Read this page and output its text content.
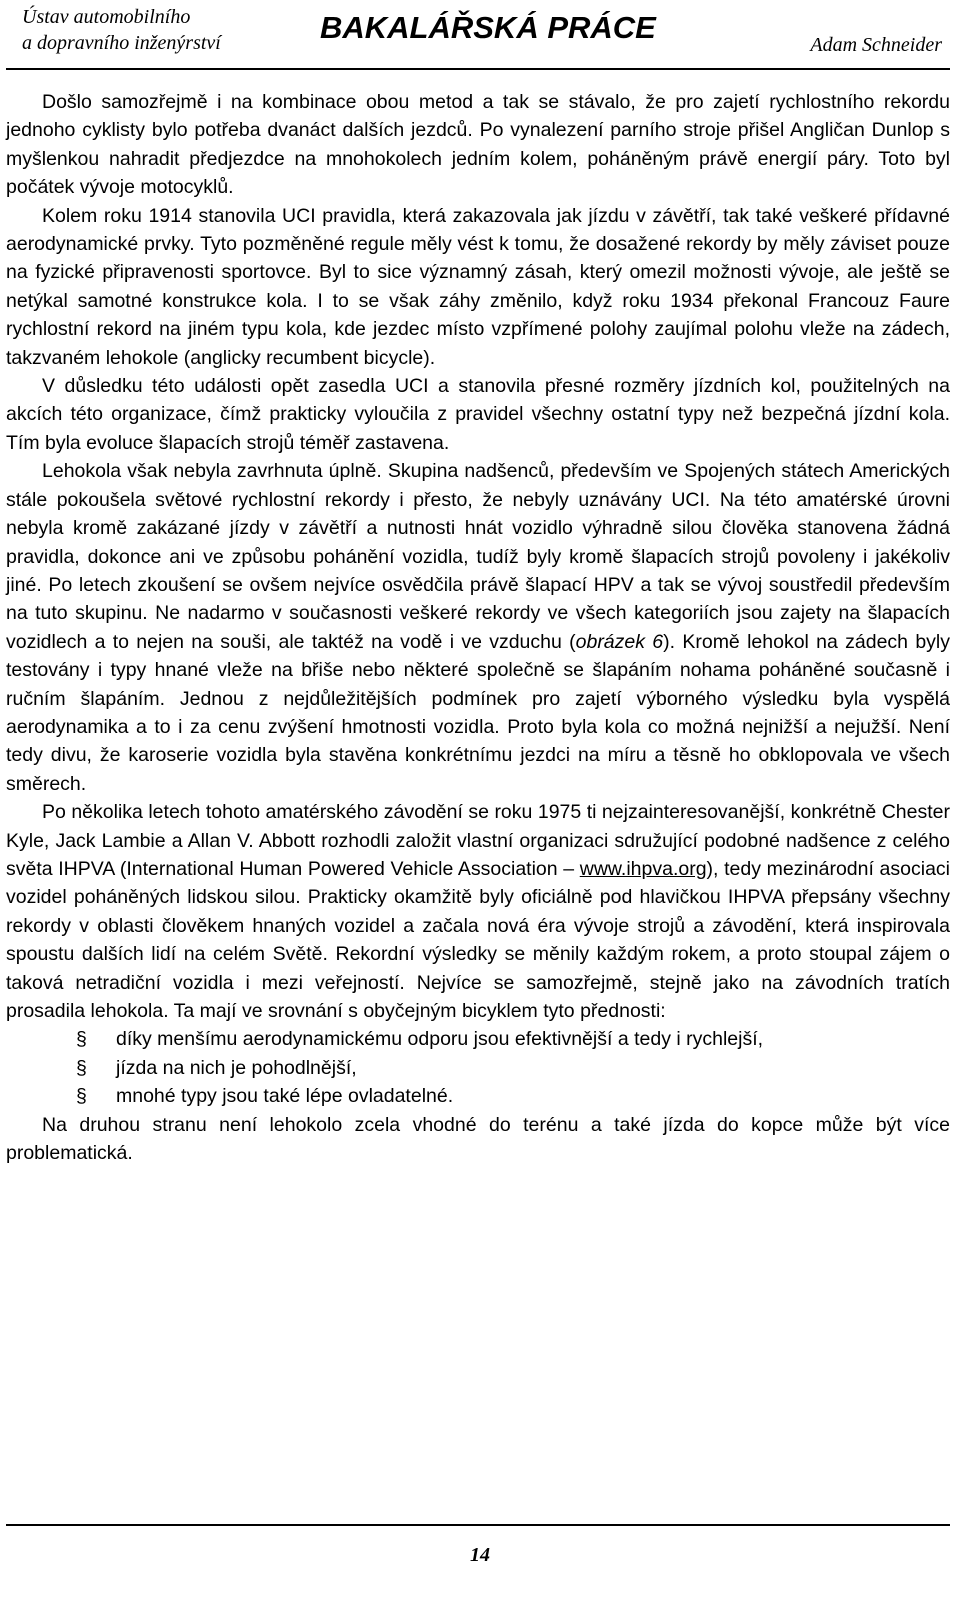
Ústav automobilního
a dopravního inženýrství	BAKALÁŘSKÁ PRÁCE	Adam Schneider

Došlo samozřejmě i na kombinace obou metod a tak se stávalo, že pro zajetí rychlostního rekordu jednoho cyklisty bylo potřeba dvanáct dalších jezdců. Po vynalezení parního stroje přišel Angličan Dunlop s myšlenkou nahradit předjezdce na mnohokolech jedním kolem, poháněným právě energií páry. Toto byl počátek vývoje motocyklů.

Kolem roku 1914 stanovila UCI pravidla, která zakazovala jak jízdu v závětří, tak také veškeré přídavné aerodynamické prvky. Tyto pozměněné regule měly vést k tomu, že dosažené rekordy by měly záviset pouze na fyzické připravenosti sportovce. Byl to sice významný zásah, který omezil možnosti vývoje, ale ještě se netýkal samotné konstrukce kola. I to se však záhy změnilo, když roku 1934 překonal Francouz Faure rychlostní rekord na jiném typu kola, kde jezdec místo vzpřímené polohy zaujímal polohu vleže na zádech, takzvaném lehokole (anglicky recumbent bicycle).

V důsledku této události opět zasedla UCI a stanovila přesné rozměry jízdních kol, použitelných na akcích této organizace, čímž prakticky vyloučila z pravidel všechny ostatní typy než bezpečná jízdní kola. Tím byla evoluce šlapacích strojů téměř zastavena.

Lehokola však nebyla zavrhnuta úplně. Skupina nadšenců, především ve Spojených státech Amerických stále pokoušela světové rychlostní rekordy i přesto, že nebyly uznávány UCI. Na této amatérské úrovni nebyla kromě zakázané jízdy v závětří a nutnosti hnát vozidlo výhradně silou člověka stanovena žádná pravidla, dokonce ani ve způsobu pohánění vozidla, tudíž byly kromě šlapacích strojů povoleny i jakékoliv jiné. Po letech zkoušení se ovšem nejvíce osvědčila právě šlapací HPV a tak se vývoj soustředil především na tuto skupinu. Ne nadarmo v současnosti veškeré rekordy ve všech kategoriích jsou zajety na šlapacích vozidlech a to nejen na souši, ale taktéž na vodě i ve vzduchu (obrázek 6). Kromě lehokol na zádech byly testovány i typy hnané vleže na břiše nebo některé společně se šlapáním nohama poháněné současně i ručním šlapáním. Jednou z nejdůležitějších podmínek pro zajetí výborného výsledku byla vyspělá aerodynamika a to i za cenu zvýšení hmotnosti vozidla. Proto byla kola co možná nejnižší a nejužší. Není tedy divu, že karoserie vozidla byla stavěna konkrétnímu jezdci na míru a těsně ho obklopovala ve všech směrech.

Po několika letech tohoto amatérského závodění se roku 1975 ti nejzainteresovanější, konkrétně Chester Kyle, Jack Lambie a Allan V. Abbott rozhodli založit vlastní organizaci sdružující podobné nadšence z celého světa IHPVA (International Human Powered Vehicle Association – www.ihpva.org), tedy mezinárodní asociaci vozidel poháněných lidskou silou. Prakticky okamžitě byly oficiálně pod hlavičkou IHPVA přepsány všechny rekordy v oblasti člověkem hnaných vozidel a začala nová éra vývoje strojů a závodění, která inspirovala spoustu dalších lidí na celém Světě. Rekordní výsledky se měnily každým rokem, a proto stoupal zájem o taková netradiční vozidla i mezi veřejností. Nejvíce se samozřejmě, stejně jako na závodních tratích prosadila lehokola. Ta mají ve srovnání s obyčejným bicyklem tyto přednosti:

§ díky menšímu aerodynamickému odporu jsou efektivnější a tedy i rychlejší,
§ jízda na nich je pohodlnější,
§ mnohé typy jsou také lépe ovladatelné.

Na druhou stranu není lehokolo zcela vhodné do terénu a také jízda do kopce může být více problematická.

14
